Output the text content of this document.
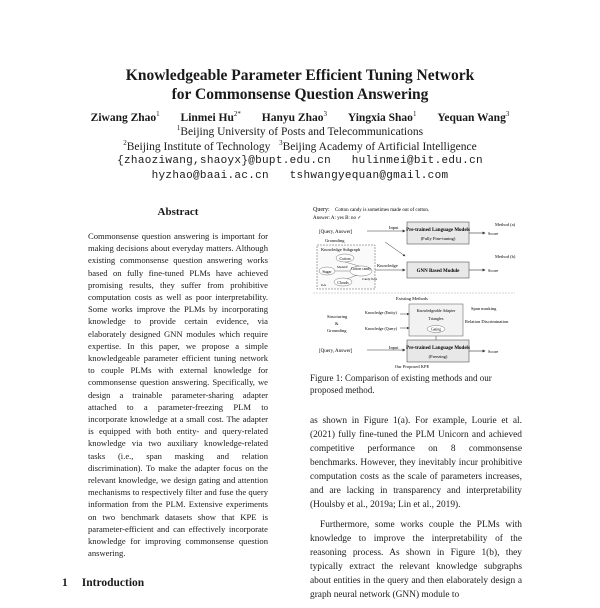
Knowledgeable Parameter Efficient Tuning Network
for Commonsense Question Answering
Ziwang Zhao$^1$ Linmei $Hu^{2*}$ Hanyu Zhao$^3$ Yingxia Shao$^1$ Yequan Wang$^3$
$^1$Beijing University of Posts and Telecommunications
$^2$Beijing Institute of Technology $^3$Beijing Academy of Artificial Intelligence
{zhaoziwang,shaoyx}@bupt.edu.cn hulinmei@bit.edu.cn
hyzhao@baai.ac.cn tshwangyequan@gmail.com
Abstract

Commonsense question answering is important for making decisions about everyday matters. Although existing commonsense question answering works based on fully fine-tuned PLMs have achieved promising results, they suffer from prohibitive computation costs as well as poor interpretability. Some works improve the PLMs by incorporating knowledge to provide certain evidence, via elaborately designed GNN modules which require expertise. In this paper, we propose a simple knowledgeable parameter efficient tuning network to couple PLMs with external knowledge for commonsense question answering. Specifically, we design a trainable parameter-sharing adapter attached to a parameter-freezing PLM to incorporate knowledge at a small cost. The adapter is equipped with both entity- and query-related knowledge via two auxiliary knowledge-related tasks (i.e., span masking and relation discrimination). To make the adapter focus on the relevant knowledge, we design gating and attention mechanisms to respectively filter and fuse the query information from the PLM. Extensive experiments on two benchmark datasets show that KPE is parameter-efficient and can effectively incorporate knowledge for improving commonsense question answering.

1 Introduction
Query: Cotton candy is sometimes made out of cotton.
Answer: A: yes B: no ✓
Method (a)
[Query, Answer]
Input
Pre-trained Language Models
(Fully Fine-tuning)
Score
Grounding
Knowledge Subgraph
Cotton
Sugar	Cotton candy
Clouds
IsA
MadeOf
Candy floss
Knowledge
Method (b)
GNN Based Module	Score
Existing Methods
Structuring
&
Grounding
Knowledge (Entity)
Knowledge (Query)
Knowledgeable Adapter
Triangles
Gating
Span masking
Relation Discrimination
[Query, Answer]
Input Pre-trained Language Models
(Freezing)
Score
Our Proposed KPE

Figure 1: Comparison of existing methods and our proposed method.

as shown in Figure 1(a). For example, Lourie et al. (2021) fully fine-tuned the PLM Unicorn and achieved competitive performance on 8 commonsense benchmarks. However, they inevitably incur prohibitive computation costs as the scale of parameters increases, and are lacking in transparency and interpretability (Houlsby et al., 2019a; Lin et al., 2019).

Furthermore, some works couple the PLMs with knowledge to improve the interpretability of the reasoning process. As shown in Figure 1(b), they typically extract the relevant knowledge subgraphs about entities in the query and then elaborately design a graph neural network (GNN) module to
